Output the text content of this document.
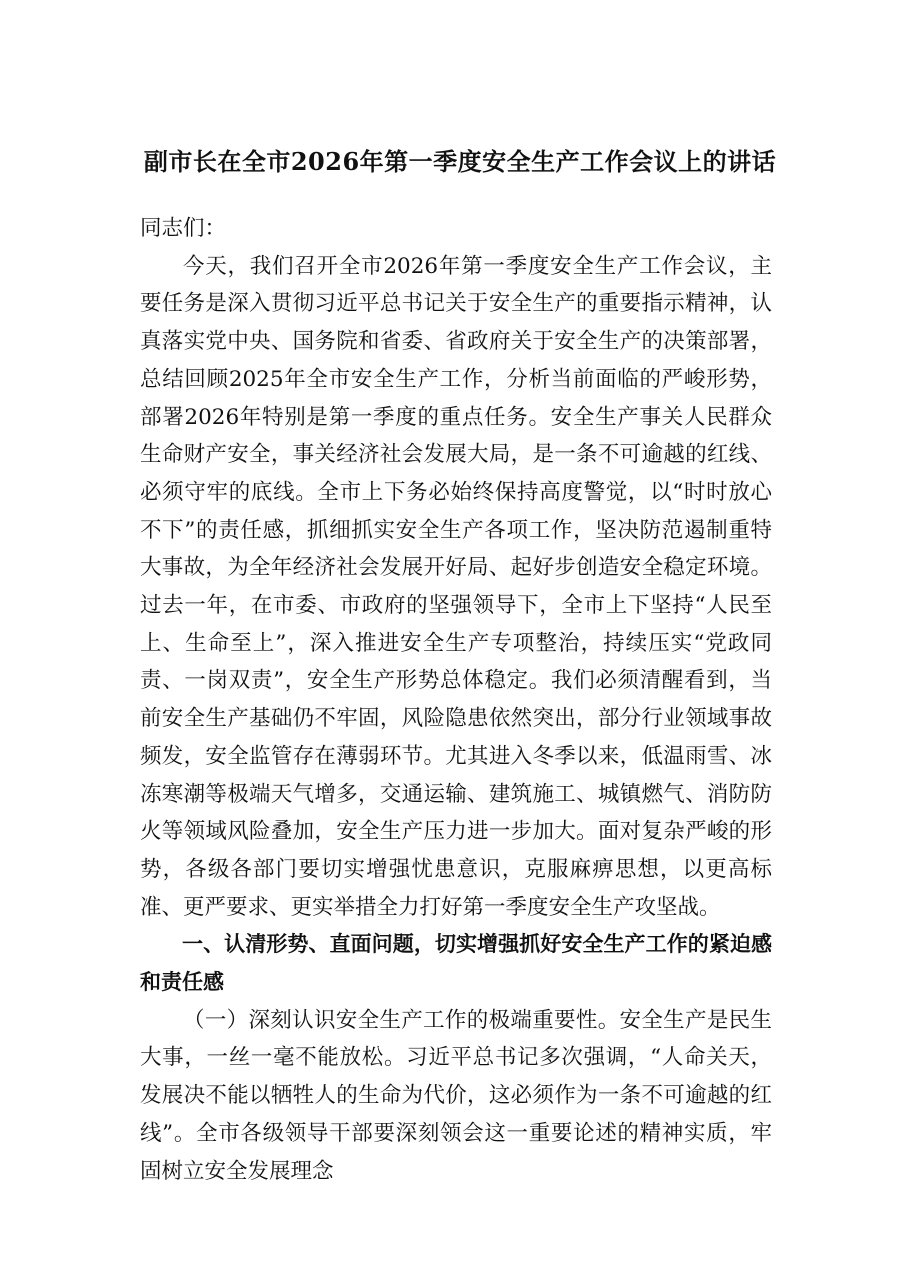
副市长在全市2026年第一季度安全生产工作会议上的讲话

同志们：

今天，我们召开全市2026年第一季度安全生产工作会议，主要任务是深入贯彻习近平总书记关于安全生产的重要指示精神，认真落实党中央、国务院和省委、省政府关于安全生产的决策部署，总结回顾2025年全市安全生产工作，分析当前面临的严峻形势，部署2026年特别是第一季度的重点任务。安全生产事关人民群众生命财产安全，事关经济社会发展大局，是一条不可逾越的红线、必须守牢的底线。全市上下务必始终保持高度警觉，以“时时放心不下”的责任感，抓细抓实安全生产各项工作，坚决防范遏制重特大事故，为全年经济社会发展开好局、起好步创造安全稳定环境。过去一年，在市委、市政府的坚强领导下，全市上下坚持“人民至上、生命至上”，深入推进安全生产专项整治，持续压实“党政同责、一岗双责”，安全生产形势总体稳定。我们必须清醒看到，当前安全生产基础仍不牢固，风险隐患依然突出，部分行业领域事故频发，安全监管存在薄弱环节。尤其进入冬季以来，低温雨雪、冰冻寒潮等极端天气增多，交通运输、建筑施工、城镇燃气、消防防火等领域风险叠加，安全生产压力进一步加大。面对复杂严峻的形势，各级各部门要切实增强忧患意识，克服麻痹思想，以更高标准、更严要求、更实举措全力打好第一季度安全生产攻坚战。

一、认清形势、直面问题，切实增强抓好安全生产工作的紧迫感和责任感

（一）深刻认识安全生产工作的极端重要性。安全生产是民生大事，一丝一毫不能放松。习近平总书记多次强调，“人命关天，发展决不能以牺牲人的生命为代价，这必须作为一条不可逾越的红线”。全市各级领导干部要深刻领会这一重要论述的精神实质，牢固树立安全发展理念
